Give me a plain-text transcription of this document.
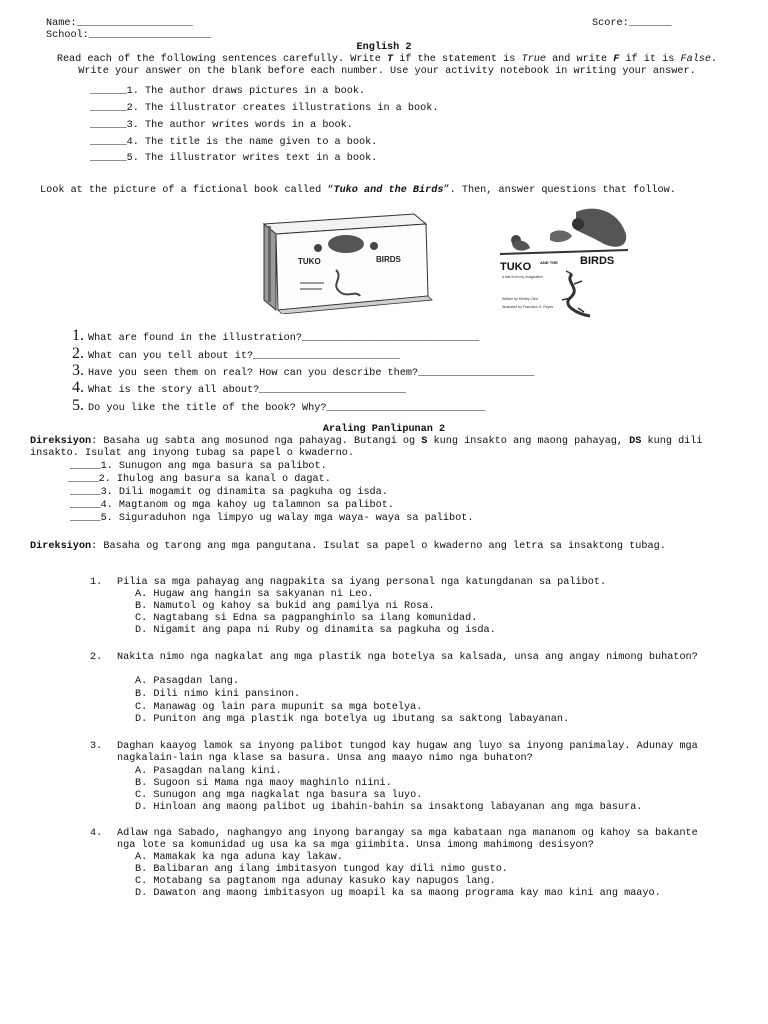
Name:___________________	Score:_______
School:____________________
English 2
Read each of the following sentences carefully. Write T if the statement is True and write F if it is False. Write your answer on the blank before each number. Use your activity notebook in writing your answer.
______1. The author draws pictures in a book.
______2. The illustrator creates illustrations in a book.
______3. The author writes words in a book.
______4. The title is the name given to a book.
______5. The illustrator writes text in a book.
Look at the picture of a fictional book called “Tuko and the Birds”. Then, answer questions that follow.
TUKO	BIRDS
TUKO AND THE BIRDS
a tale from my imagination
Written by Shirley Cline
Illustrated by Francisco S. Reyes
1. What are found in the illustration?_____________________________
2. What can you tell about it?________________________
3. Have you seen them on real? How can you describe them?___________________
4. What is the story all about?________________________
5. Do you like the title of the book? Why?__________________________
Araling Panlipunan 2
Direksiyon: Basaha ug sabta ang mosunod nga pahayag. Butangi og S kung insakto ang maong pahayag, DS kung dili insakto. Isulat ang inyong tubag sa papel o kwaderno.
_____1. Sunugon ang mga basura sa palibot.
_____2. Ihulog ang basura sa kanal o dagat.
_____3. Dili mogamit og dinamita sa pagkuha og isda.
_____4. Magtanom og mga kahoy ug talamnon sa palibot.
_____5. Siguraduhon nga limpyo ug walay mga waya- waya sa palibot.
Direksiyon: Basaha og tarong ang mga pangutana. Isulat sa papel o kwaderno ang letra sa insaktong tubag.
1. Pilia sa mga pahayag ang nagpakita sa iyang personal nga katungdanan sa palibot.
A. Hugaw ang hangin sa sakyanan ni Leo.
B. Namutol og kahoy sa bukid ang pamilya ni Rosa.
C. Nagtabang si Edna sa pagpanghinlo sa ilang komunidad.
D. Nigamit ang papa ni Ruby og dinamita sa pagkuha og isda.
2. Nakita nimo nga nagkalat ang mga plastik nga botelya sa kalsada, unsa ang angay nimong buhaton?
A. Pasagdan lang.
B. Dili nimo kini pansinon.
C. Manawag og lain para mupunit sa mga botelya.
D. Puniton ang mga plastik nga botelya ug ibutang sa saktong labayanan.
3. Daghan kaayog lamok sa inyong palibot tungod kay hugaw ang luyo sa inyong panimalay. Adunay mga nagkalain-lain nga klase sa basura. Unsa ang maayo nimo nga buhaton?
A. Pasagdan nalang kini.
B. Sugoon si Mama nga maoy maghinlo niini.
C. Sunugon ang mga nagkalat nga basura sa luyo.
D. Hinloan ang maong palibot ug ibahin-bahin sa insaktong labayanan ang mga basura.
4. Adlaw nga Sabado, naghangyo ang inyong barangay sa mga kabataan nga mananom og kahoy sa bakante nga lote sa komunidad ug usa ka sa mga giimbita. Unsa imong mahimong desisyon?
A. Mamakak ka nga aduna kay lakaw.
B. Balibaran ang ilang imbitasyon tungod kay dili nimo gusto.
C. Motabang sa pagtanom nga adunay kasuko kay napugos lang.
D. Dawaton ang maong imbitasyon ug moapil ka sa maong programa kay mao kini ang maayo.
